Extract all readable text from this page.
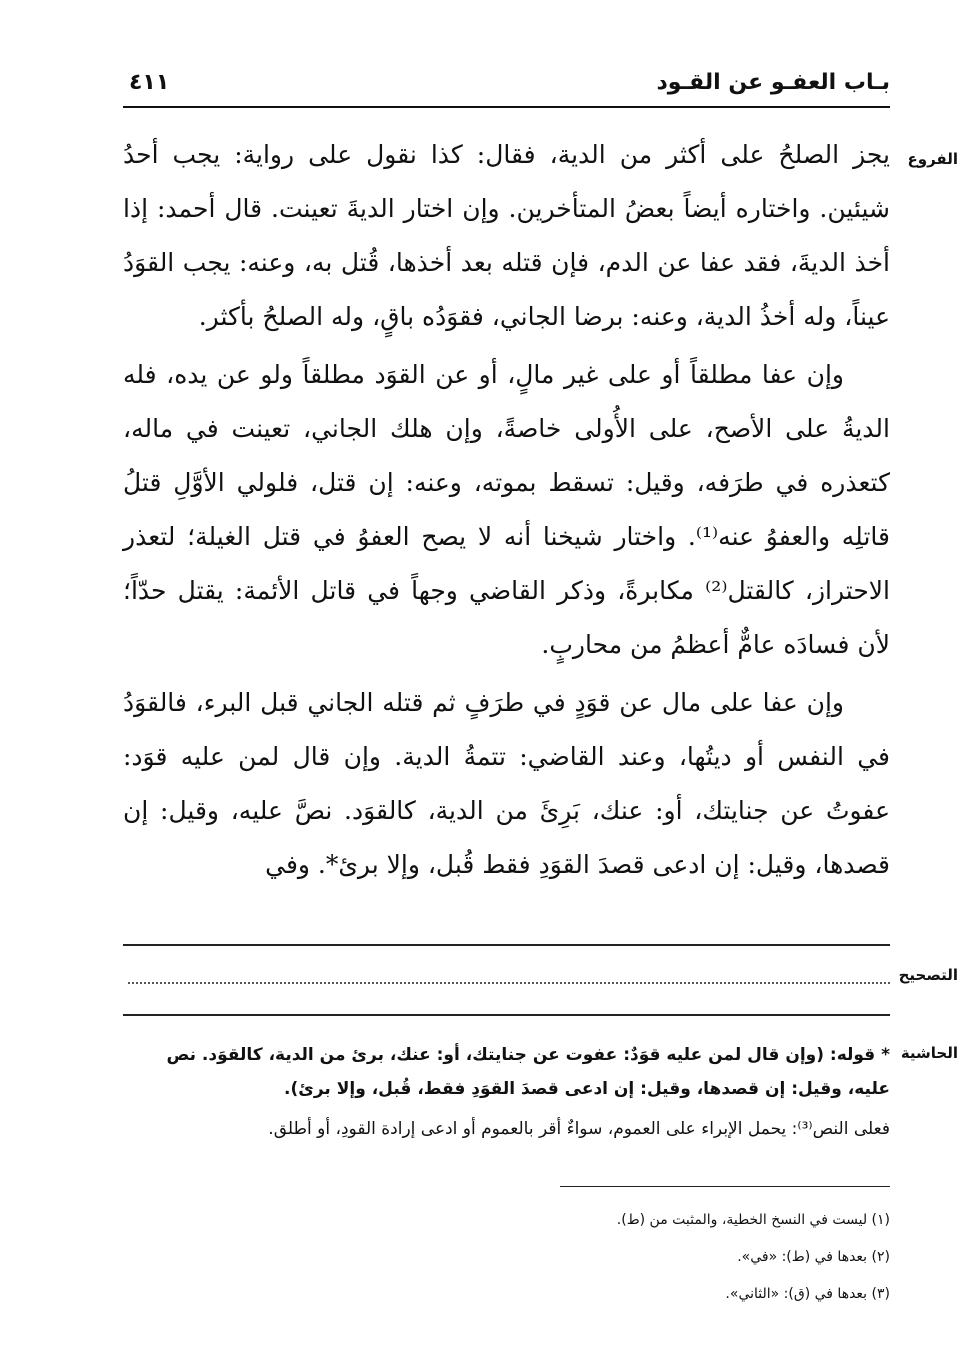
بـاب العفـو عن القـود
٤١١
الفروع

يجز الصلحُ على أكثر من الدية، فقال: كذا نقول على رواية: يجب أحدُ شيئين. واختاره أيضاً بعضُ المتأخرين. وإن اختار الديةَ تعينت. قال أحمد: إذا أخذ الديةَ، فقد عفا عن الدم، فإن قتله بعد أخذها، قُتل به، وعنه: يجب القوَدُ عيناً، وله أخذُ الدية، وعنه: برضا الجاني، فقوَدُه باقٍ، وله الصلحُ بأكثر.

وإن عفا مطلقاً أو على غير مالٍ، أو عن القوَد مطلقاً ولو عن يده، فله الديةُ على الأصح، على الأُولى خاصةً، وإن هلك الجاني، تعينت في ماله، كتعذره في طرَفه، وقيل: تسقط بموته، وعنه: إن قتل، فلولي الأوَّلِ قتلُ قاتلِه والعفوُ عنه⁽¹⁾. واختار شيخنا أنه لا يصح العفوُ في قتل الغيلة؛ لتعذر الاحتراز، كالقتل⁽²⁾ مكابرةً، وذكر القاضي وجهاً في قاتل الأئمة: يقتل حدّاً؛ لأن فسادَه عامٌّ أعظمُ من محاربٍ.

وإن عفا على مال عن قوَدٍ في طرَفٍ ثم قتله الجاني قبل البرء، فالقوَدُ في النفس أو ديتُها، وعند القاضي: تتمةُ الدية. وإن قال لمن عليه قوَد: عفوتُ عن جنايتك، أو: عنك، بَرِئَ من الدية، كالقوَد. نصَّ عليه، وقيل: إن قصدها، وقيل: إن ادعى قصدَ القوَدِ فقط قُبل، وإلا برئ*. وفي

التصحيح
الحاشية

* قوله: (وإن قال لمن عليه قوَدٌ: عفوت عن جنايتك، أو: عنك، برئ من الدية، كالقوَد. نص عليه، وقيل: إن قصدها، وقيل: إن ادعى قصدَ القوَدِ فقط، قُبل، وإلا برئ).

فعلى النص⁽³⁾: يحمل الإبراء على العموم، سواءٌ أقر بالعموم أو ادعى إرادة القودِ، أو أطلق.

(١) ليست في النسخ الخطية، والمثبت من (ط).
(٢) بعدها في (ط): «في».
(٣) بعدها في (ق): «الثاني».
